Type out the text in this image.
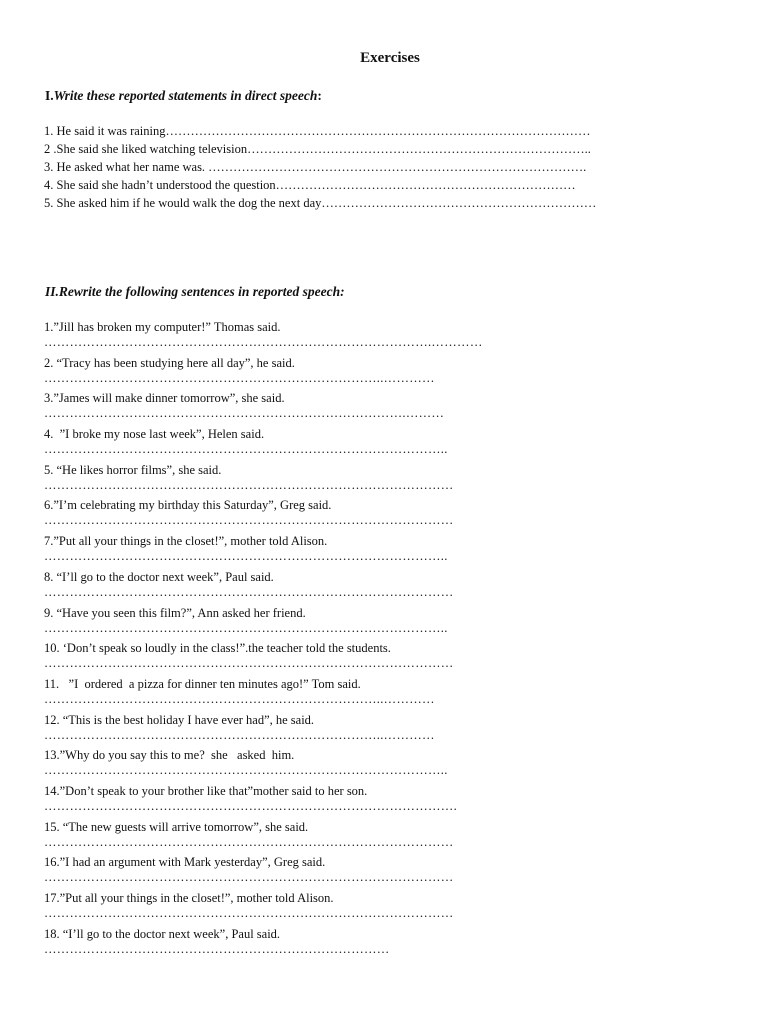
Exercises
I.Write these reported statements in direct speech:
1. He said it was raining…………………………………………………………………………………………
2 .She said she liked watching television………………………………………………………………………..
3. He asked what her name was. ……………………………………………………………………………….
4. She said she hadn’t understood the question………………………………………………………………
5. She asked him if he would walk the dog the next day…………………………………………………………
II.Rewrite the following sentences in reported speech:
1.”Jill has broken my computer!” Thomas said.
……………………………………………………………………………….…………
2. “Tracy has been studying here all day”, he said.
……………………………………………………………………..…………
3.”James will make dinner tomorrow”, she said.
………………………………………………………………………….………
4.  ”I broke my nose last week”, Helen said.
…………………………………………………………………………………..
5. “He likes horror films”, she said.
……………………………………………………………………………………
6.”I’m celebrating my birthday this Saturday”, Greg said.
……………………………………………………………………………………
7.”Put all your things in the closet!”, mother told Alison.
…………………………………………………………………………………..
8. “I’ll go to the doctor next week”, Paul said.
……………………………………………………………………………………
9. “Have you seen this film?”, Ann asked her friend.
…………………………………………………………………………………..
10. ‘Don’t speak so loudly in the class!”.the teacher told the students.
……………………………………………………………………………………
11.   ”I  ordered  a pizza for dinner ten minutes ago!” Tom said.
……………………………………………………………………..…………
12. “This is the best holiday I have ever had”, he said.
……………………………………………………………………..…………
13.”Why do you say this to me?  she   asked  him.
…………………………………………………………………………………..
14.”Don’t speak to your brother like that”mother said to her son.
…………………………………………………………………………………….
15. “The new guests will arrive tomorrow”, she said.
……………………………………………………………………………………
16.”I had an argument with Mark yesterday”, Greg said.
……………………………………………………………………………………
17.”Put all your things in the closet!”, mother told Alison.
……………………………………………………………………………………
18. “I’ll go to the doctor next week”, Paul said.
………………………………………………………………………
